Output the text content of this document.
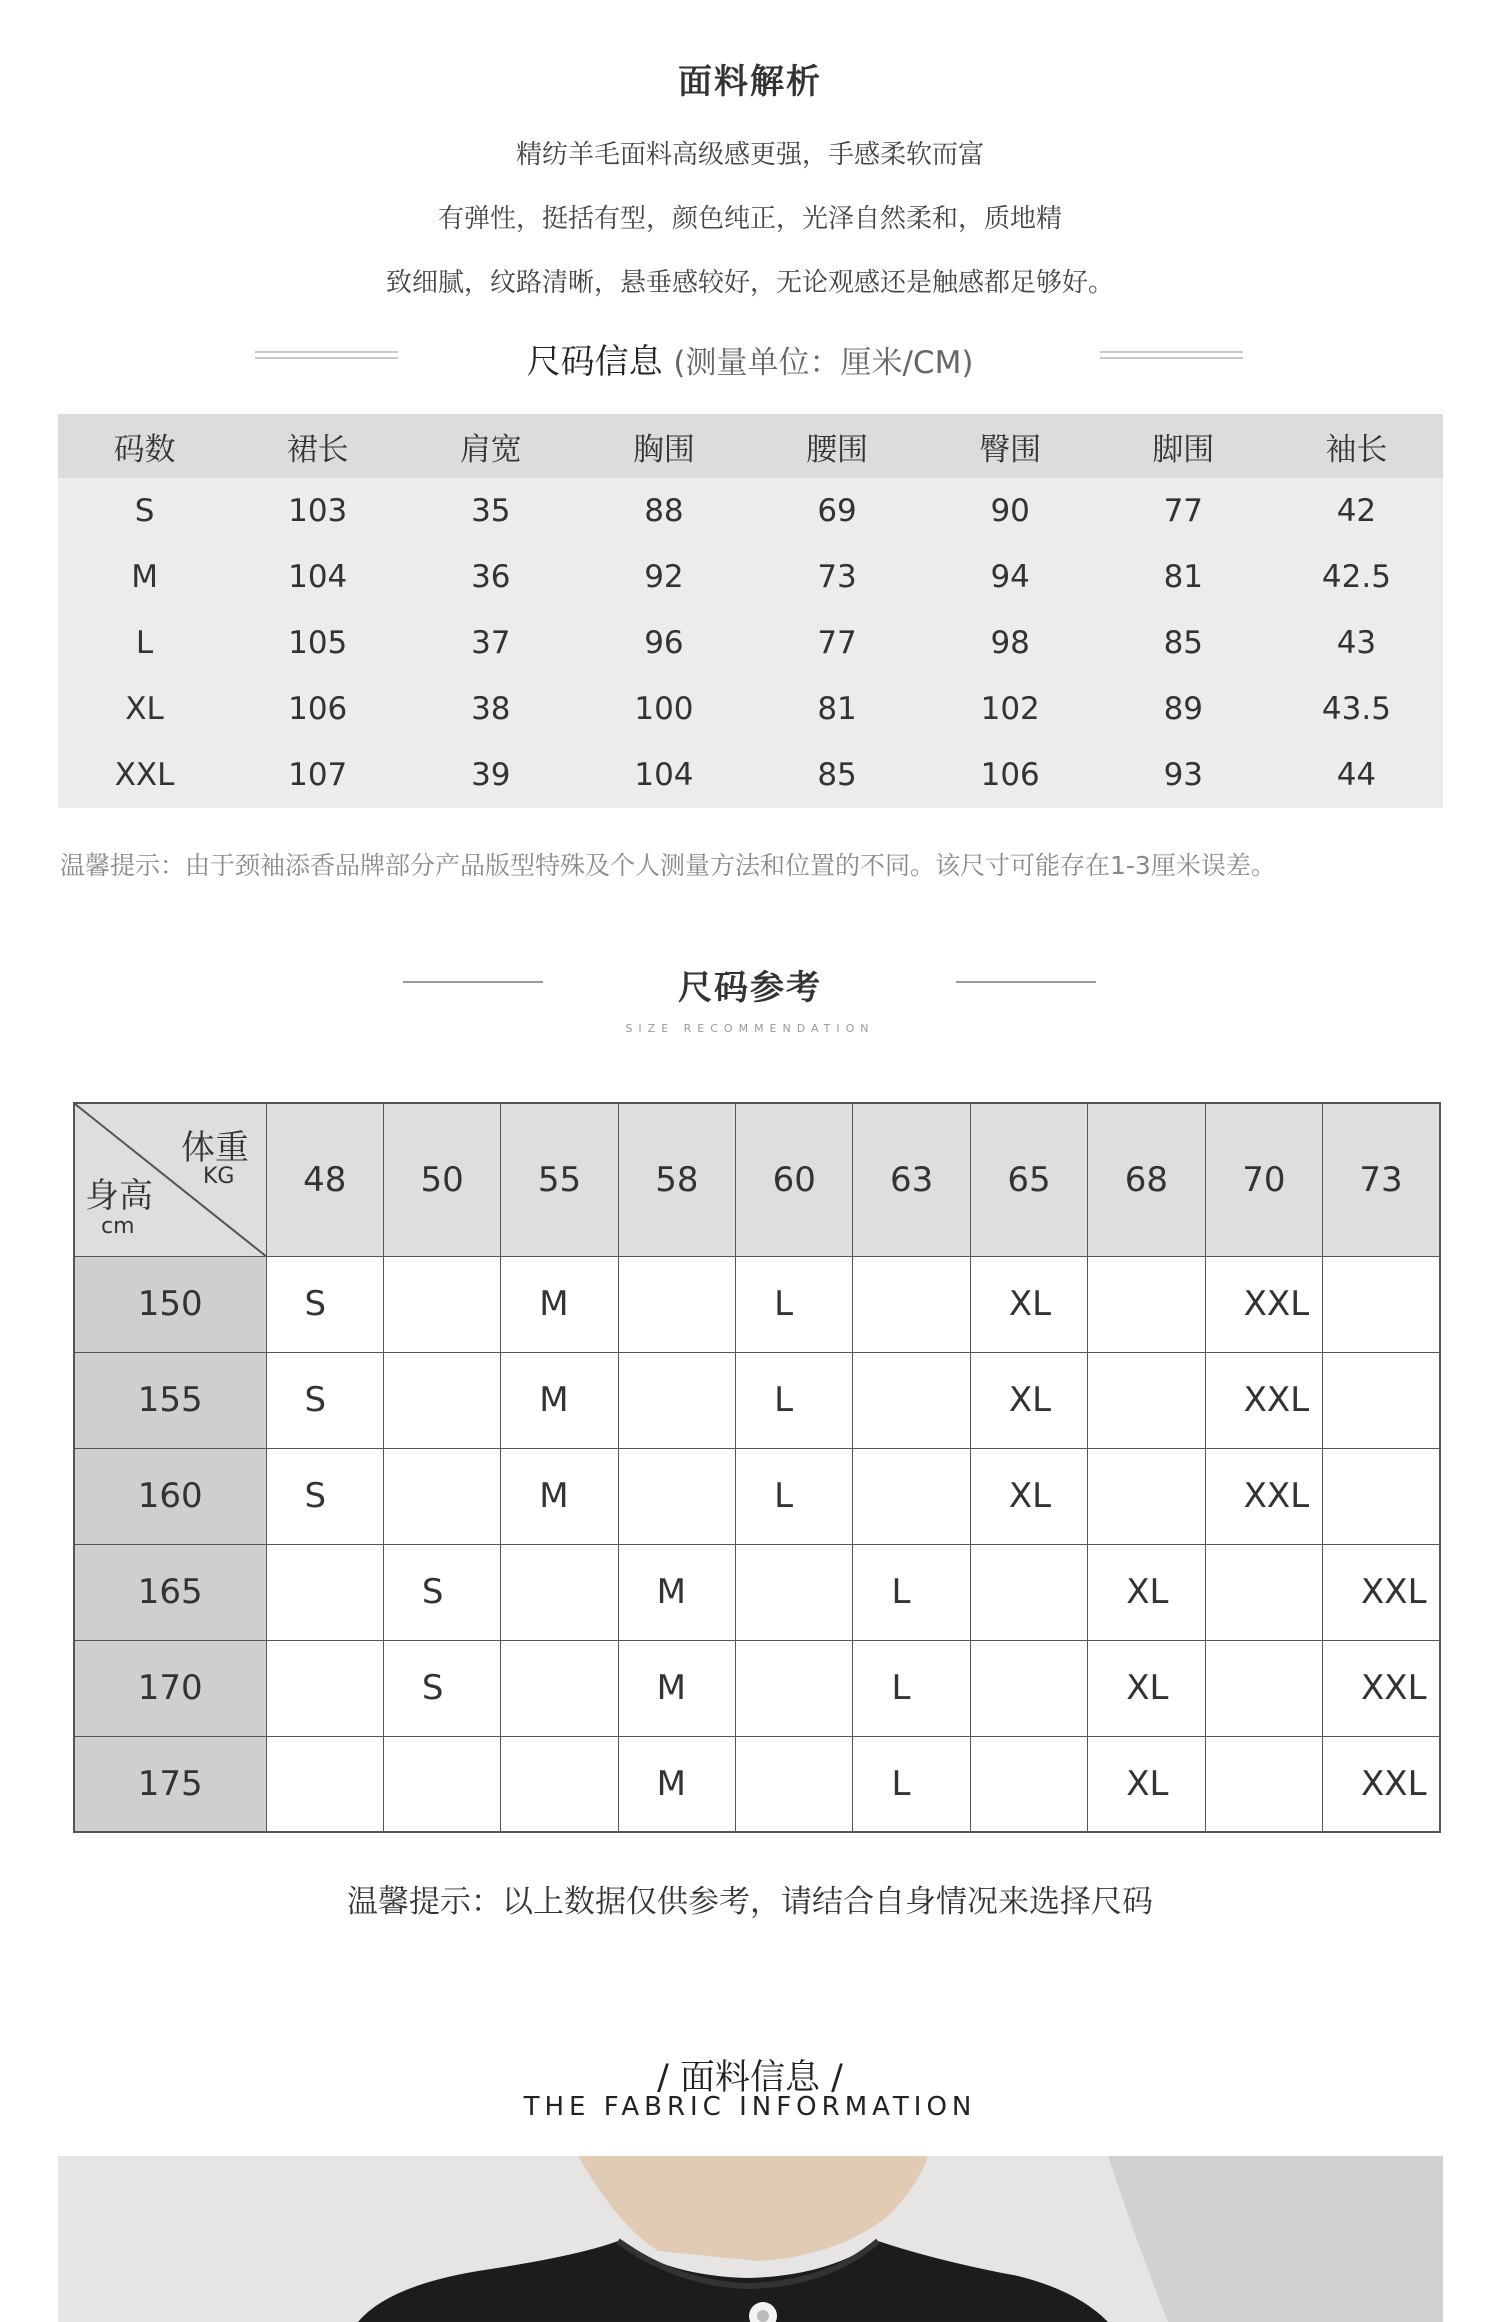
面料解析
精纺羊毛面料高级感更强，手感柔软而富
有弹性，挺括有型，颜色纯正，光泽自然柔和，质地精
致细腻，纹路清晰，悬垂感较好，无论观感还是触感都足够好。
尺码信息 (测量单位：厘米/CM)
码数	裙长	肩宽	胸围	腰围	臀围	脚围	袖长
S	103	35	88	69	90	77	42
M	104	36	92	73	94	81	42.5
L	105	37	96	77	98	85	43
XL	106	38	100	81	102	89	43.5
XXL	107	39	104	85	106	93	44
温馨提示：由于颈袖添香品牌部分产品版型特殊及个人测量方法和位置的不同。该尺寸可能存在1-3厘米误差。
尺码参考
SIZE RECOMMENDATION
体重
KG
身高
cm	48	50	55	58	60	63	65	68	70	73
150	S		M		L		XL		XXL	
155	S		M		L		XL		XXL	
160	S		M		L		XL		XXL	
165		S		M		L		XL		XXL
170		S		M		L		XL		XXL
175				M		L		XL		XXL
温馨提示：以上数据仅供参考，请结合自身情况来选择尺码
/ 面料信息 /
THE FABRIC INFORMATION
